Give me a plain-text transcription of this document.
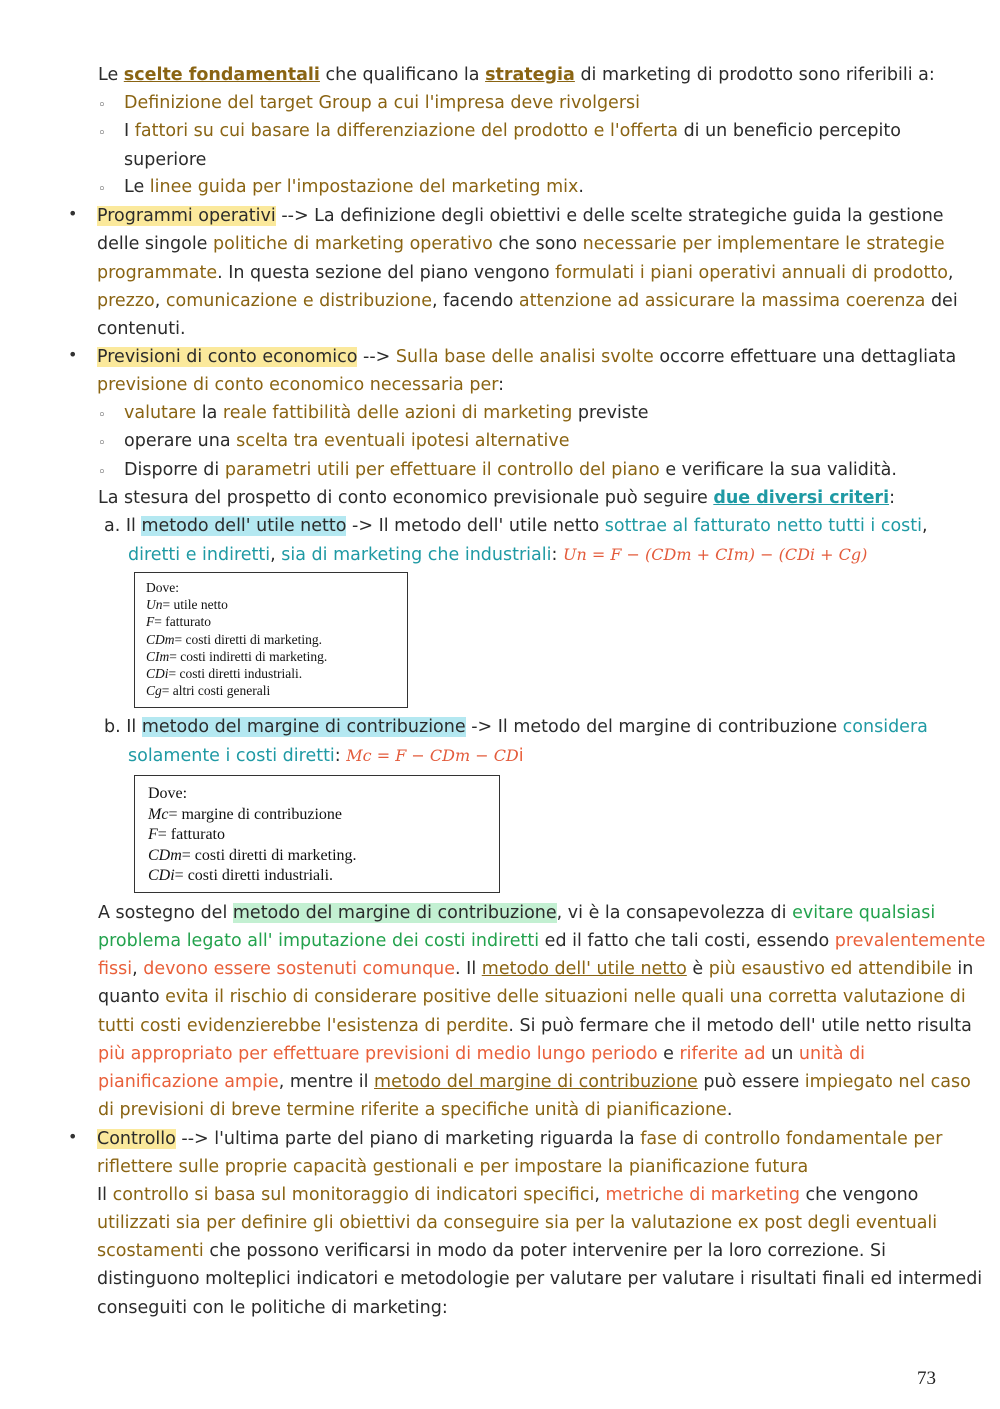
Le scelte fondamentali che qualificano la strategia di marketing di prodotto sono riferibili a:
◦ Definizione del target Group a cui l'impresa deve rivolgersi
◦ I fattori su cui basare la differenziazione del prodotto e l'offerta di un beneficio percepito
superiore
◦ Le linee guida per l'impostazione del marketing mix.
• Programmi operativi --> La definizione degli obiettivi e delle scelte strategiche guida la gestione
delle singole politiche di marketing operativo che sono necessarie per implementare le strategie
programmate. In questa sezione del piano vengono formulati i piani operativi annuali di prodotto,
prezzo, comunicazione e distribuzione, facendo attenzione ad assicurare la massima coerenza dei
contenuti.
• Previsioni di conto economico --> Sulla base delle analisi svolte occorre effettuare una dettagliata
previsione di conto economico necessaria per:
◦ valutare la reale fattibilità delle azioni di marketing previste
◦ operare una scelta tra eventuali ipotesi alternative
◦ Disporre di parametri utili per effettuare il controllo del piano e verificare la sua validità.
La stesura del prospetto di conto economico previsionale può seguire due diversi criteri:
a. Il metodo dell' utile netto -> Il metodo dell' utile netto sottrae al fatturato netto tutti i costi,
diretti e indiretti, sia di marketing che industriali: Un = F − (CDm + CIm) − (CDi + Cg)
Dove:
Un= utile netto
F= fatturato
CDm= costi diretti di marketing.
CIm= costi indiretti di marketing.
CDi= costi diretti industriali.
Cg= altri costi generali
b. Il metodo del margine di contribuzione -> Il metodo del margine di contribuzione considera
solamente i costi diretti: Mc = F − CDm − CDi
Dove:
Mc= margine di contribuzione
F= fatturato
CDm= costi diretti di marketing.
CDi= costi diretti industriali.
A sostegno del metodo del margine di contribuzione, vi è la consapevolezza di evitare qualsiasi
problema legato all' imputazione dei costi indiretti ed il fatto che tali costi, essendo prevalentemente
fissi, devono essere sostenuti comunque. Il metodo dell' utile netto è più esaustivo ed attendibile in
quanto evita il rischio di considerare positive delle situazioni nelle quali una corretta valutazione di
tutti costi evidenzierebbe l'esistenza di perdite. Si può fermare che il metodo dell' utile netto risulta
più appropriato per effettuare previsioni di medio lungo periodo e riferite ad un unità di
pianificazione ampie, mentre il metodo del margine di contribuzione può essere impiegato nel caso
di previsioni di breve termine riferite a specifiche unità di pianificazione.
• Controllo --> l'ultima parte del piano di marketing riguarda la fase di controllo fondamentale per
riflettere sulle proprie capacità gestionali e per impostare la pianificazione futura
Il controllo si basa sul monitoraggio di indicatori specifici, metriche di marketing che vengono
utilizzati sia per definire gli obiettivi da conseguire sia per la valutazione ex post degli eventuali
scostamenti che possono verificarsi in modo da poter intervenire per la loro correzione. Si
distinguono molteplici indicatori e metodologie per valutare per valutare i risultati finali ed intermedi
conseguiti con le politiche di marketing:
73
